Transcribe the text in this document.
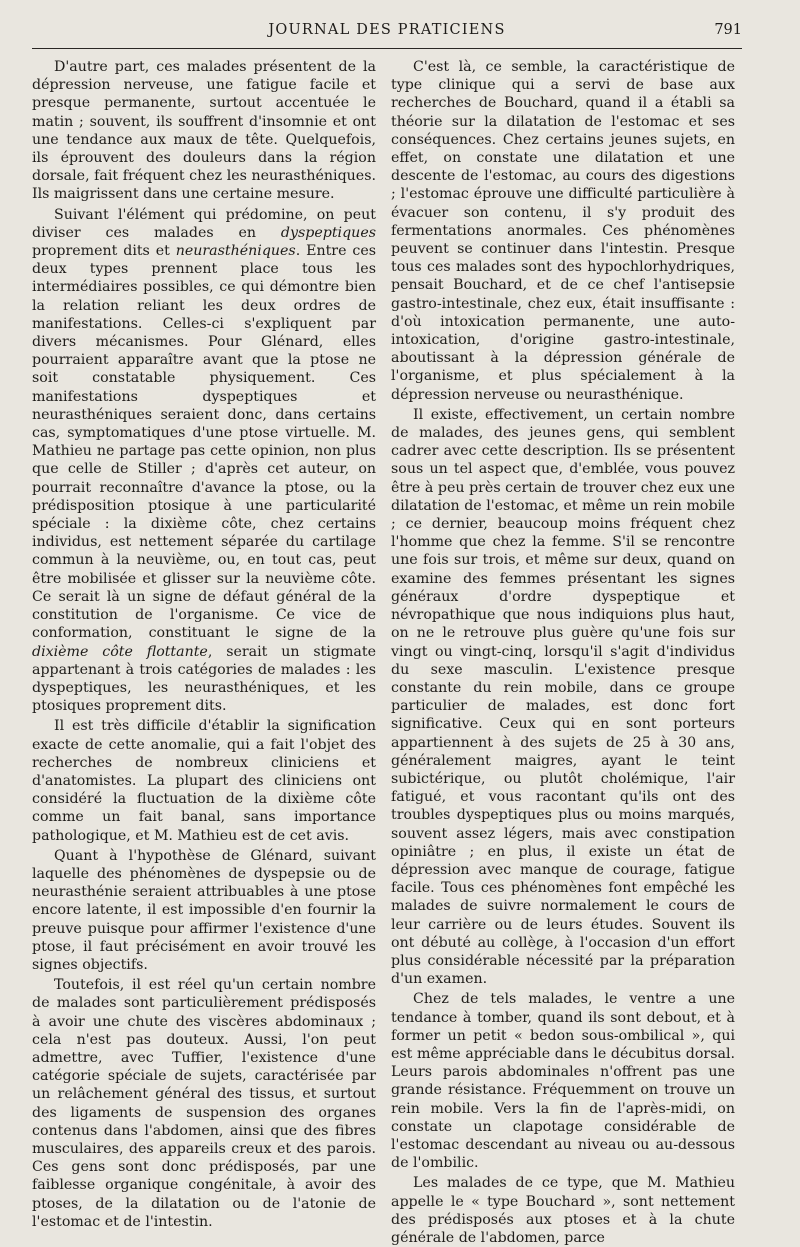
JOURNAL DES PRATICIENS	791

D'autre part, ces malades présentent de la dépression nerveuse, une fatigue facile et presque permanente, surtout accentuée le matin ; souvent, ils souffrent d'insomnie et ont une tendance aux maux de tête. Quelquefois, ils éprouvent des douleurs dans la région dorsale, fait fréquent chez les neurasthéniques. Ils maigrissent dans une certaine mesure.

Suivant l'élément qui prédomine, on peut diviser ces malades en dyspeptiques proprement dits et neurasthéniques. Entre ces deux types prennent place tous les intermédiaires possibles, ce qui démontre bien la relation reliant les deux ordres de manifestations. Celles-ci s'expliquent par divers mécanismes. Pour Glénard, elles pourraient apparaître avant que la ptose ne soit constatable physiquement. Ces manifestations dyspeptiques et neurasthéniques seraient donc, dans certains cas, symptomatiques d'une ptose virtuelle. M. Mathieu ne partage pas cette opinion, non plus que celle de Stiller ; d'après cet auteur, on pourrait reconnaître d'avance la ptose, ou la prédisposition ptosique à une particularité spéciale : la dixième côte, chez certains individus, est nettement séparée du cartilage commun à la neuvième, ou, en tout cas, peut être mobilisée et glisser sur la neuvième côte. Ce serait là un signe de défaut général de la constitution de l'organisme. Ce vice de conformation, constituant le signe de la dixième côte flottante, serait un stigmate appartenant à trois catégories de malades : les dyspeptiques, les neurasthéniques, et les ptosiques proprement dits.

Il est très difficile d'établir la signification exacte de cette anomalie, qui a fait l'objet des recherches de nombreux cliniciens et d'anatomistes. La plupart des cliniciens ont considéré la fluctuation de la dixième côte comme un fait banal, sans importance pathologique, et M. Mathieu est de cet avis.

Quant à l'hypothèse de Glénard, suivant laquelle des phénomènes de dyspepsie ou de neurasthénie seraient attribuables à une ptose encore latente, il est impossible d'en fournir la preuve puisque pour affirmer l'existence d'une ptose, il faut précisément en avoir trouvé les signes objectifs.

Toutefois, il est réel qu'un certain nombre de malades sont particulièrement prédisposés à avoir une chute des viscères abdominaux ; cela n'est pas douteux. Aussi, l'on peut admettre, avec Tuffier, l'existence d'une catégorie spéciale de sujets, caractérisée par un relâchement général des tissus, et surtout des ligaments de suspension des organes contenus dans l'abdomen, ainsi que des fibres musculaires, des appareils creux et des parois. Ces gens sont donc prédisposés, par une faiblesse organique congénitale, à avoir des ptoses, de la dilatation ou de l'atonie de l'estomac et de l'intestin.

C'est là, ce semble, la caractéristique de type clinique qui a servi de base aux recherches de Bouchard, quand il a établi sa théorie sur la dilatation de l'estomac et ses conséquences. Chez certains jeunes sujets, en effet, on constate une dilatation et une descente de l'estomac, au cours des digestions ; l'estomac éprouve une difficulté particulière à évacuer son contenu, il s'y produit des fermentations anormales. Ces phénomènes peuvent se continuer dans l'intestin. Presque tous ces malades sont des hypochlorhydriques, pensait Bouchard, et de ce chef l'antisepsie gastro-intestinale, chez eux, était insuffisante : d'où intoxication permanente, une auto-intoxication, d'origine gastro-intestinale, aboutissant à la dépression générale de l'organisme, et plus spécialement à la dépression nerveuse ou neurasthénique.

Il existe, effectivement, un certain nombre de malades, des jeunes gens, qui semblent cadrer avec cette description. Ils se présentent sous un tel aspect que, d'emblée, vous pouvez être à peu près certain de trouver chez eux une dilatation de l'estomac, et même un rein mobile ; ce dernier, beaucoup moins fréquent chez l'homme que chez la femme. S'il se rencontre une fois sur trois, et même sur deux, quand on examine des femmes présentant les signes généraux d'ordre dyspeptique et névropathique que nous indiquions plus haut, on ne le retrouve plus guère qu'une fois sur vingt ou vingt-cinq, lorsqu'il s'agit d'individus du sexe masculin. L'existence presque constante du rein mobile, dans ce groupe particulier de malades, est donc fort significative. Ceux qui en sont porteurs appartiennent à des sujets de 25 à 30 ans, généralement maigres, ayant le teint subictérique, ou plutôt cholémique, l'air fatigué, et vous racontant qu'ils ont des troubles dyspeptiques plus ou moins marqués, souvent assez légers, mais avec constipation opiniâtre ; en plus, il existe un état de dépression avec manque de courage, fatigue facile. Tous ces phénomènes font empêché les malades de suivre normalement le cours de leur carrière ou de leurs études. Souvent ils ont débuté au collège, à l'occasion d'un effort plus considérable nécessité par la préparation d'un examen.

Chez de tels malades, le ventre a une tendance à tomber, quand ils sont debout, et à former un petit « bedon sous-ombilical », qui est même appréciable dans le décubitus dorsal. Leurs parois abdominales n'offrent pas une grande résistance. Fréquemment on trouve un rein mobile. Vers la fin de l'après-midi, on constate un clapotage considérable de l'estomac descendant au niveau ou au-dessous de l'ombilic.

Les malades de ce type, que M. Mathieu appelle le « type Bouchard », sont nettement des prédisposés aux ptoses et à la chute générale de l'abdomen, parce
